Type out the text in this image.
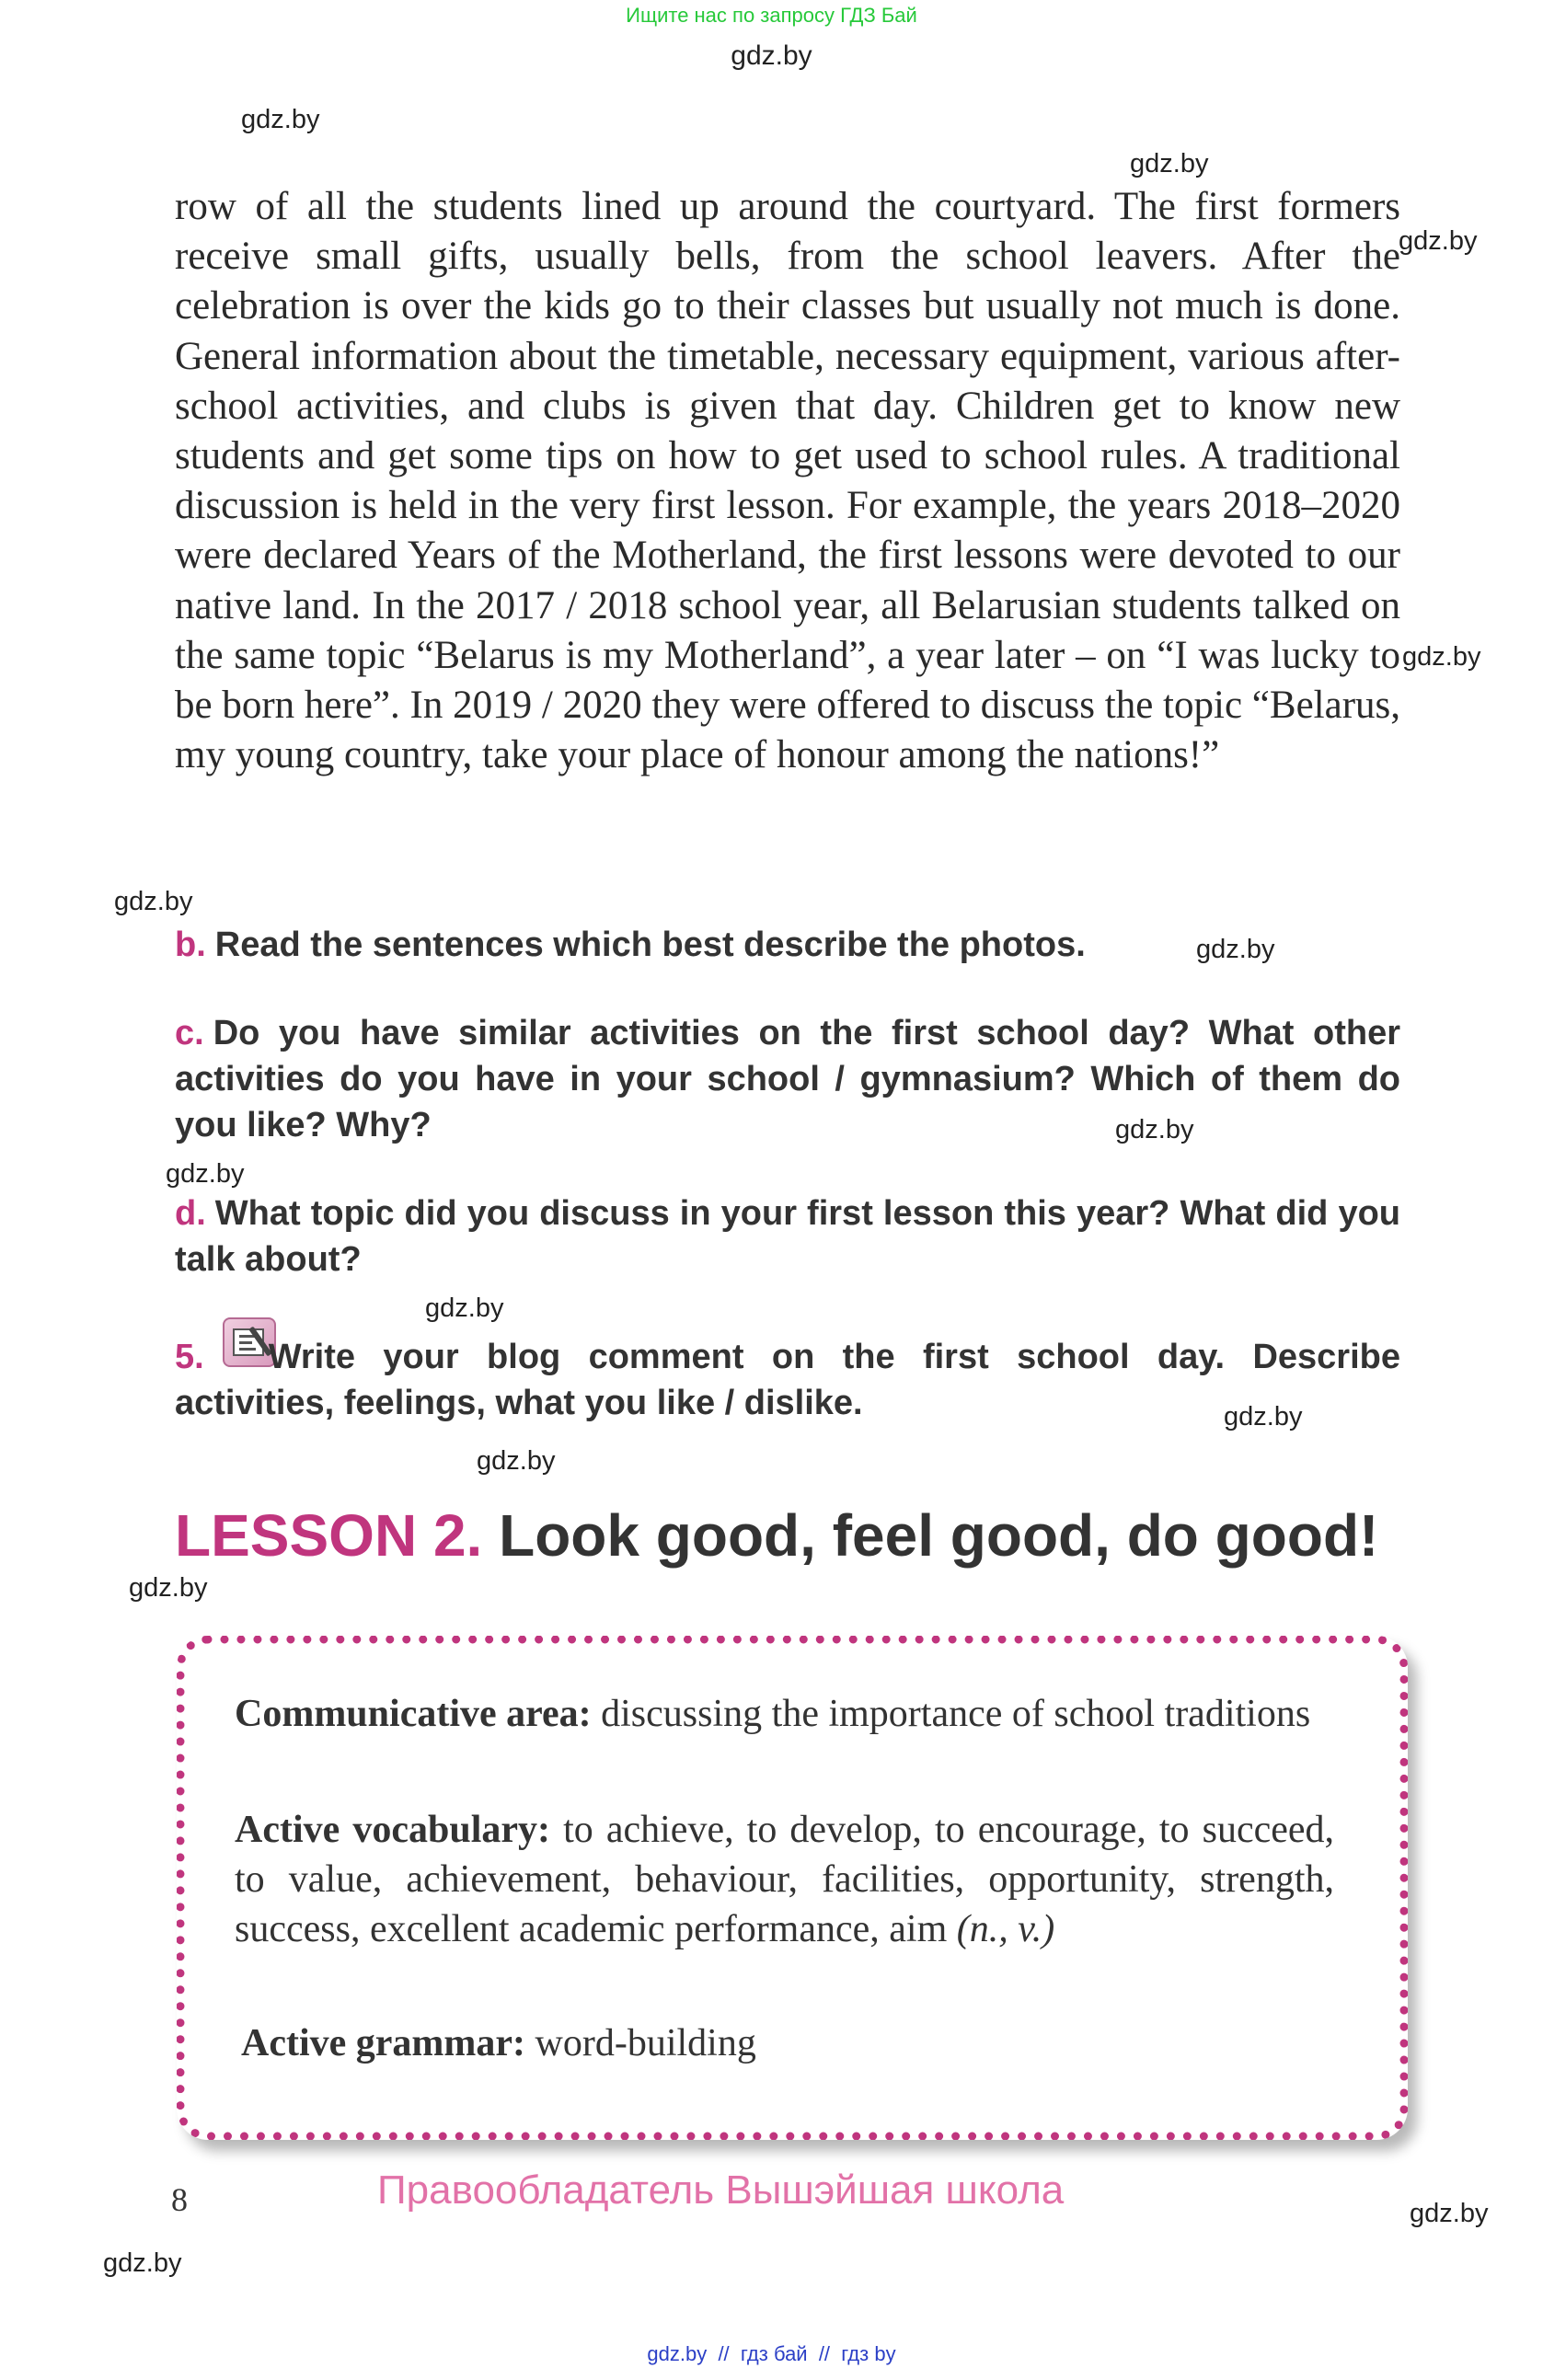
Ищите нас по запросу ГДЗ Бай
gdz.by
gdz.by
gdz.by
gdz.by
gdz.by
gdz.by
gdz.by
gdz.by
gdz.by
gdz.by
gdz.by
gdz.by
gdz.by
gdz.by
gdz.by

row of all the students lined up around the courtyard. The first formers receive small gifts, usually bells, from the school leavers. After the celebration is over the kids go to their classes but usually not much is done. General information about the timetable, necessary equipment, various after-school activities, and clubs is given that day. Children get to know new students and get some tips on how to get used to school rules. A traditional discussion is held in the very first lesson. For example, the years 2018–2020 were declared Years of the Motherland, the first lessons were devoted to our native land. In the 2017 / 2018 school year, all Belarusian students talked on the same topic “Belarus is my Motherland”, a year later – on “I was lucky to be born here”. In 2019 / 2020 they were offered to discuss the topic “Belarus, my young country, take your place of honour among the nations!”

b. Read the sentences which best describe the photos.
c. Do you have similar activities on the first school day? What other activities do you have in your school / gymnasium? Which of them do you like? Why?
d. What topic did you discuss in your first lesson this year? What did you talk about?
5. Write your blog comment on the first school day. Describe activities, feelings, what you like / dislike.
LESSON 2. Look good, feel good, do good!
Communicative area: discussing the importance of school traditions
Active vocabulary: to achieve, to develop, to encourage, to succeed, to value, achievement, behaviour, facilities, opportunity, strength, success, excellent academic performance, aim (n., v.)
Active grammar: word-building
8	Правообладатель Вышэйшая школа
gdz.by  //  гдз бай  //  гдз by
